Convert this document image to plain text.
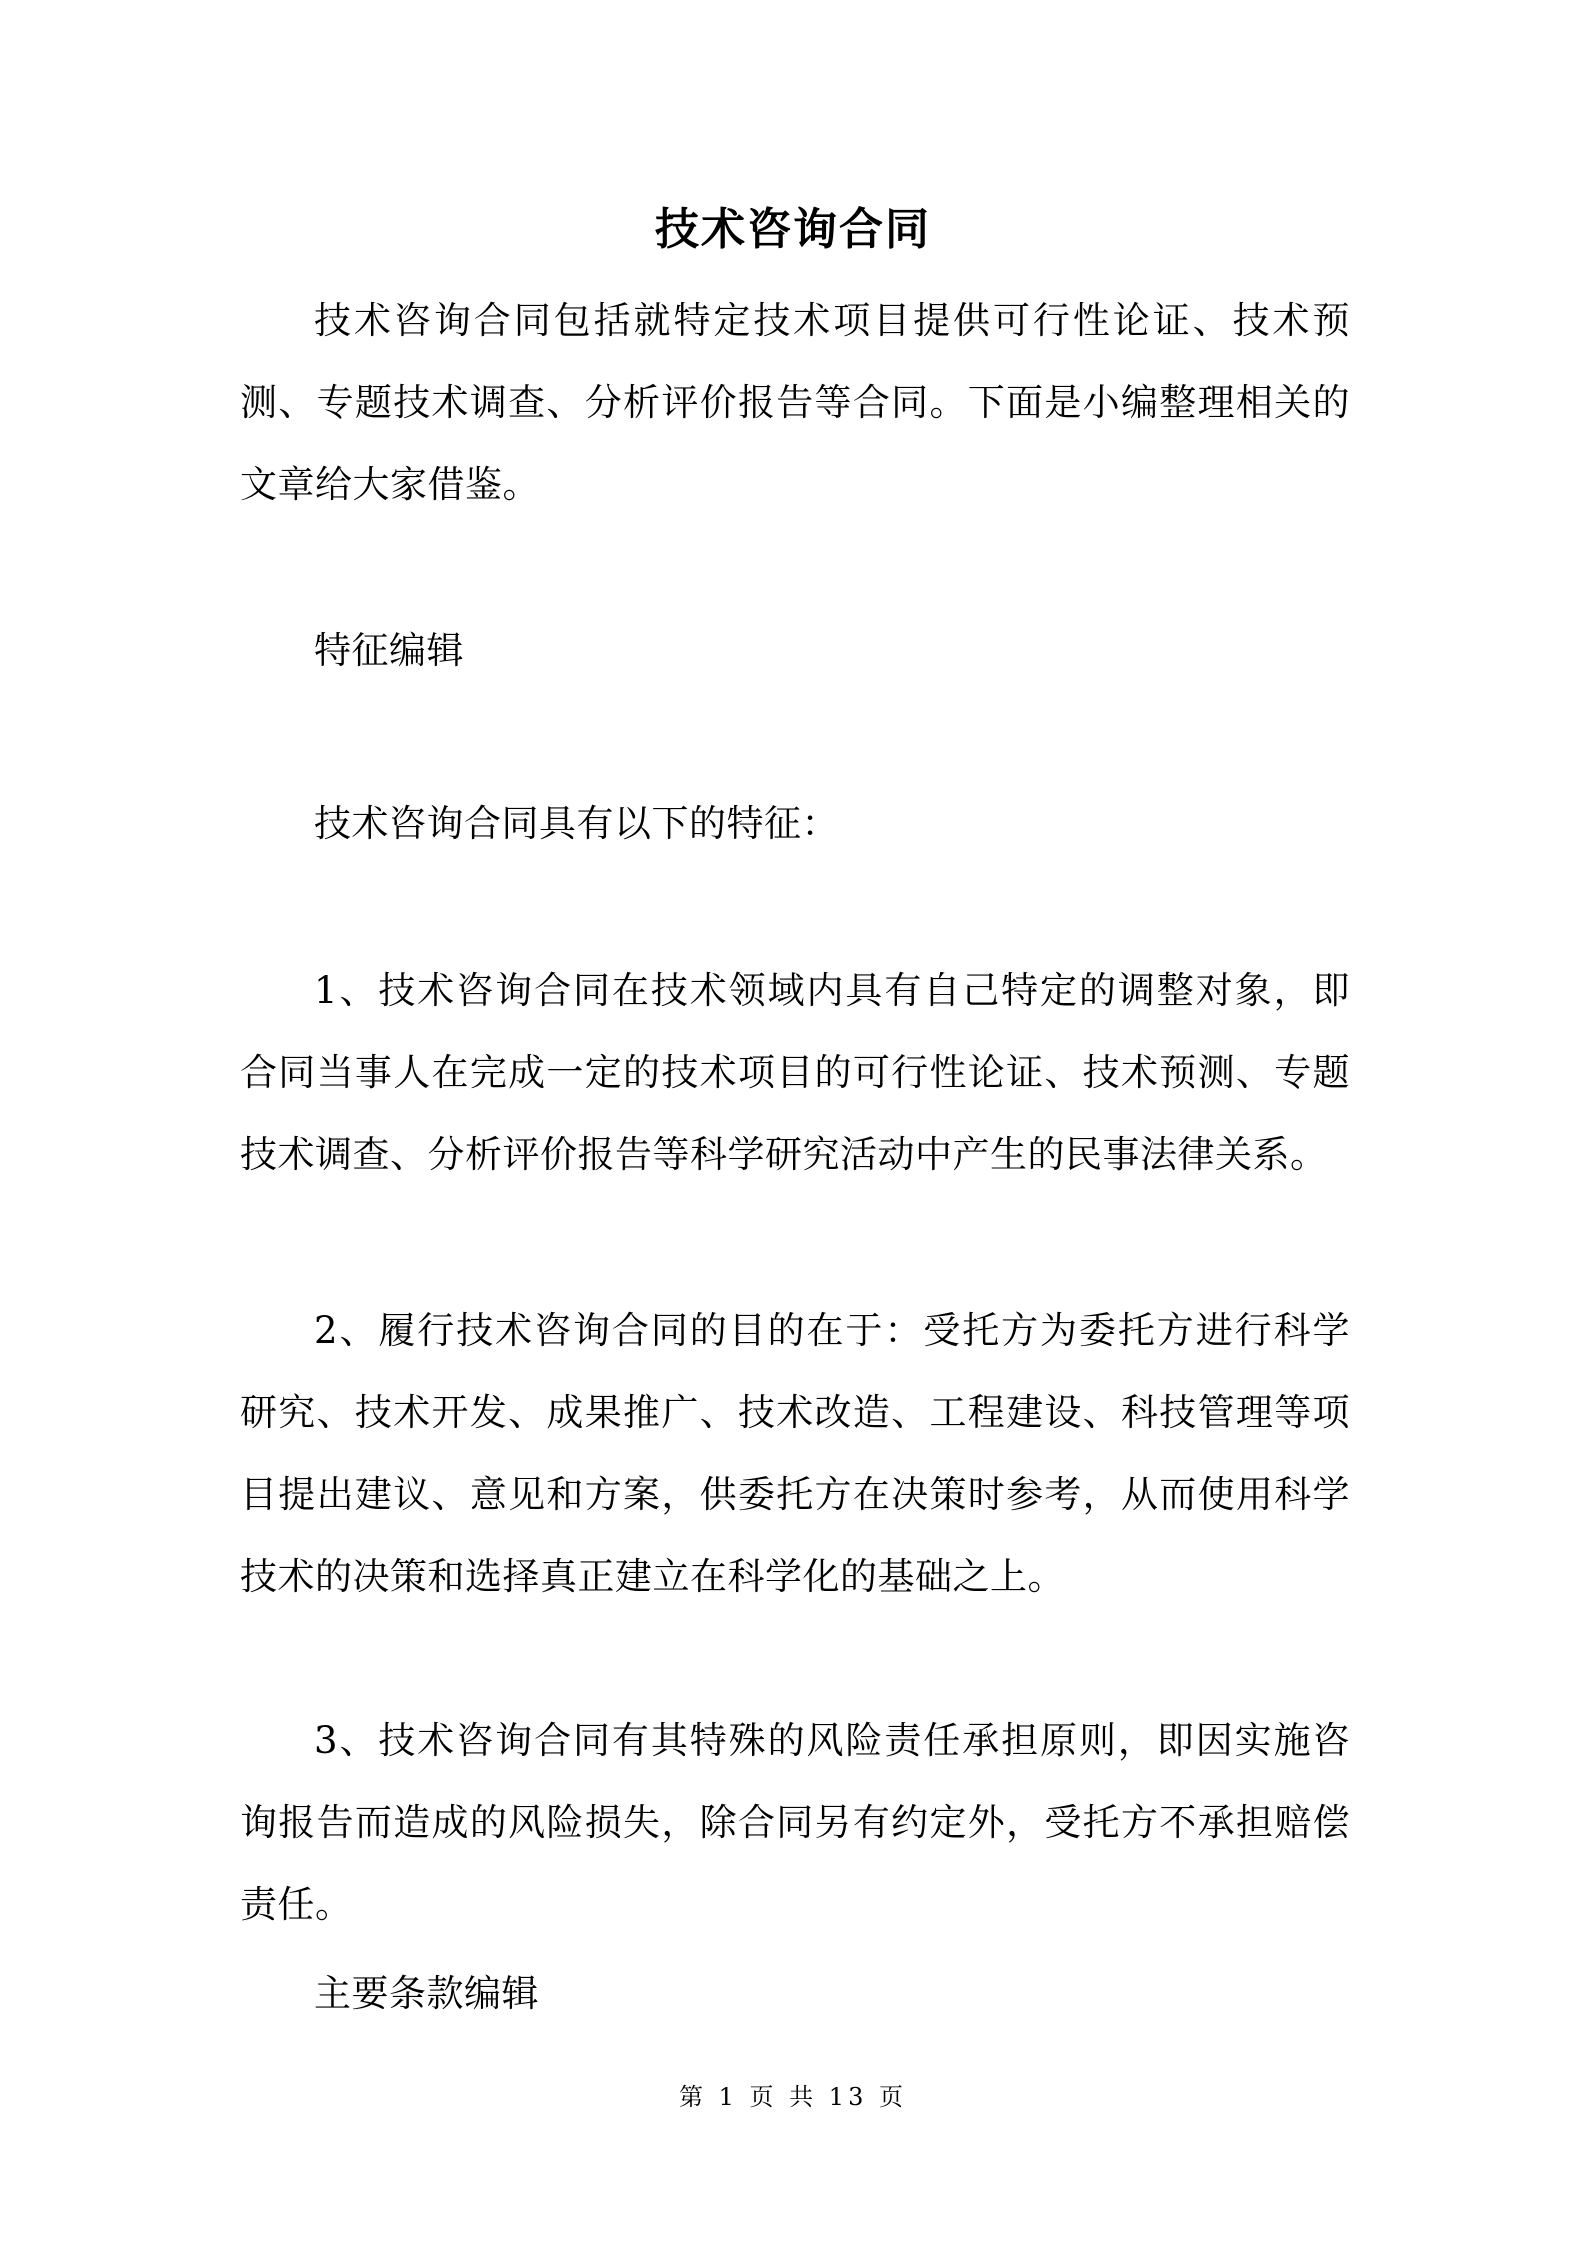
技术咨询合同
技术咨询合同包括就特定技术项目提供可行性论证、技术预测、专题技术调查、分析评价报告等合同。下面是小编整理相关的文章给大家借鉴。
特征编辑
技术咨询合同具有以下的特征：
1、技术咨询合同在技术领域内具有自己特定的调整对象，即合同当事人在完成一定的技术项目的可行性论证、技术预测、专题技术调查、分析评价报告等科学研究活动中产生的民事法律关系。
2、履行技术咨询合同的目的在于：受托方为委托方进行科学研究、技术开发、成果推广、技术改造、工程建设、科技管理等项目提出建议、意见和方案，供委托方在决策时参考，从而使用科学技术的决策和选择真正建立在科学化的基础之上。
3、技术咨询合同有其特殊的风险责任承担原则，即因实施咨询报告而造成的风险损失，除合同另有约定外，受托方不承担赔偿责任。
主要条款编辑
第 1 页 共 13 页
